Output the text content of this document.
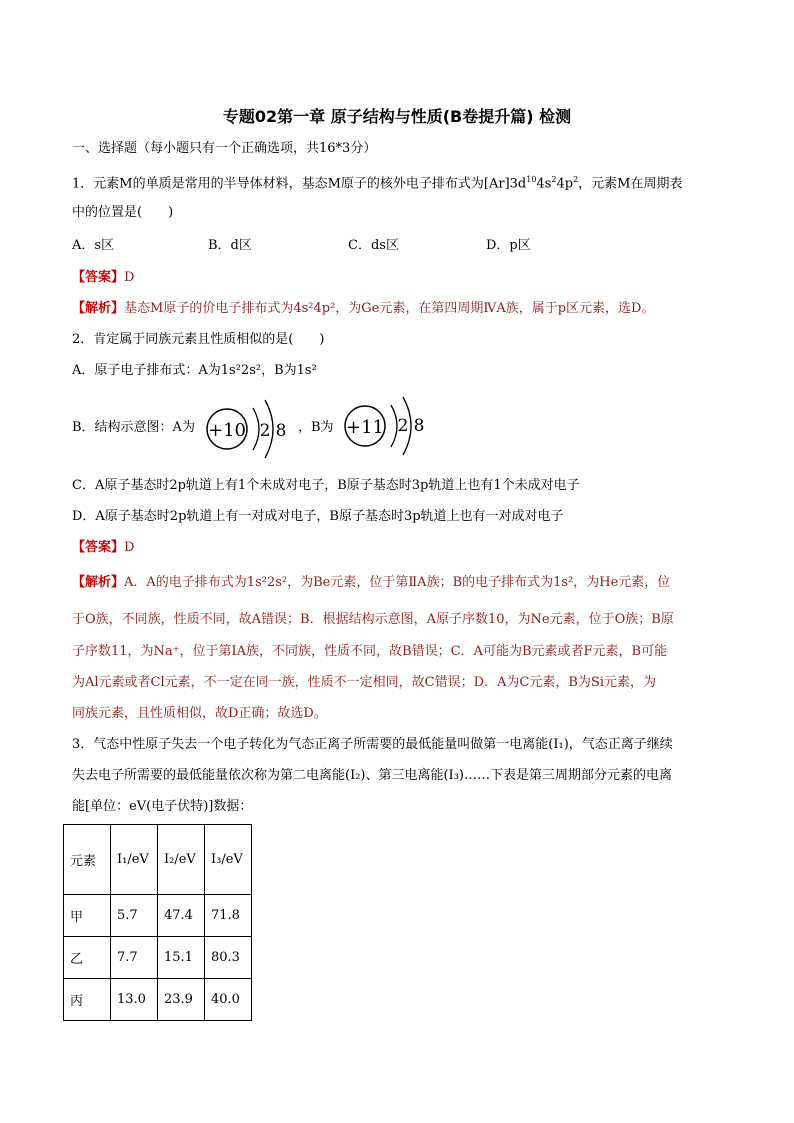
专题02第一章 原子结构与性质(B卷提升篇) 检测
一、选择题（每小题只有一个正确选项，共16*3分）
1．元素M的单质是常用的半导体材料，基态M原子的核外电子排布式为$[Ar]3d^{10}4s^24p^2$，元素M在周期表
中的位置是(　　)
A．s区	B．d区	C．ds区	D．p区
【答案】D
【解析】基态M原子的价电子排布式为4s²4p²，为Ge元素，在第四周期ⅣA族，属于p区元素，选D。
2．肯定属于同族元素且性质相似的是(　　)
A．原子电子排布式：A为1s²2s²，B为1s²
B．结构示意图：A为 +10 2 8 ，B为 +11 2 8
C．A原子基态时2p轨道上有1个未成对电子，B原子基态时3p轨道上也有1个未成对电子
D．A原子基态时2p轨道上有一对成对电子，B原子基态时3p轨道上也有一对成对电子
【答案】D
【解析】A．A的电子排布式为1s²2s²，为Be元素，位于第ⅡA族；B的电子排布式为1s²，为He元素，位
于O族，不同族，性质不同，故A错误；B．根据结构示意图，A原子序数10，为Ne元素，位于O族；B原
子序数11，为Na⁺，位于第IA族，不同族，性质不同，故B错误；C．A可能为B元素或者F元素，B可能
为Al元素或者Cl元素，不一定在同一族，性质不一定相同，故C错误；D．A为C元素，B为Si元素，为
同族元素，且性质相似，故D正确；故选D。
3．气态中性原子失去一个电子转化为气态正离子所需要的最低能量叫做第一电离能(I₁)，气态正离子继续
失去电子所需要的最低能量依次称为第二电离能(I₂)、第三电离能(I₃)……下表是第三周期部分元素的电离
能[单位：eV(电子伏特)]数据：
元素	I₁/eV	I₂/eV	I₃/eV
甲	5.7	47.4	71.8
乙	7.7	15.1	80.3
丙	13.0	23.9	40.0
